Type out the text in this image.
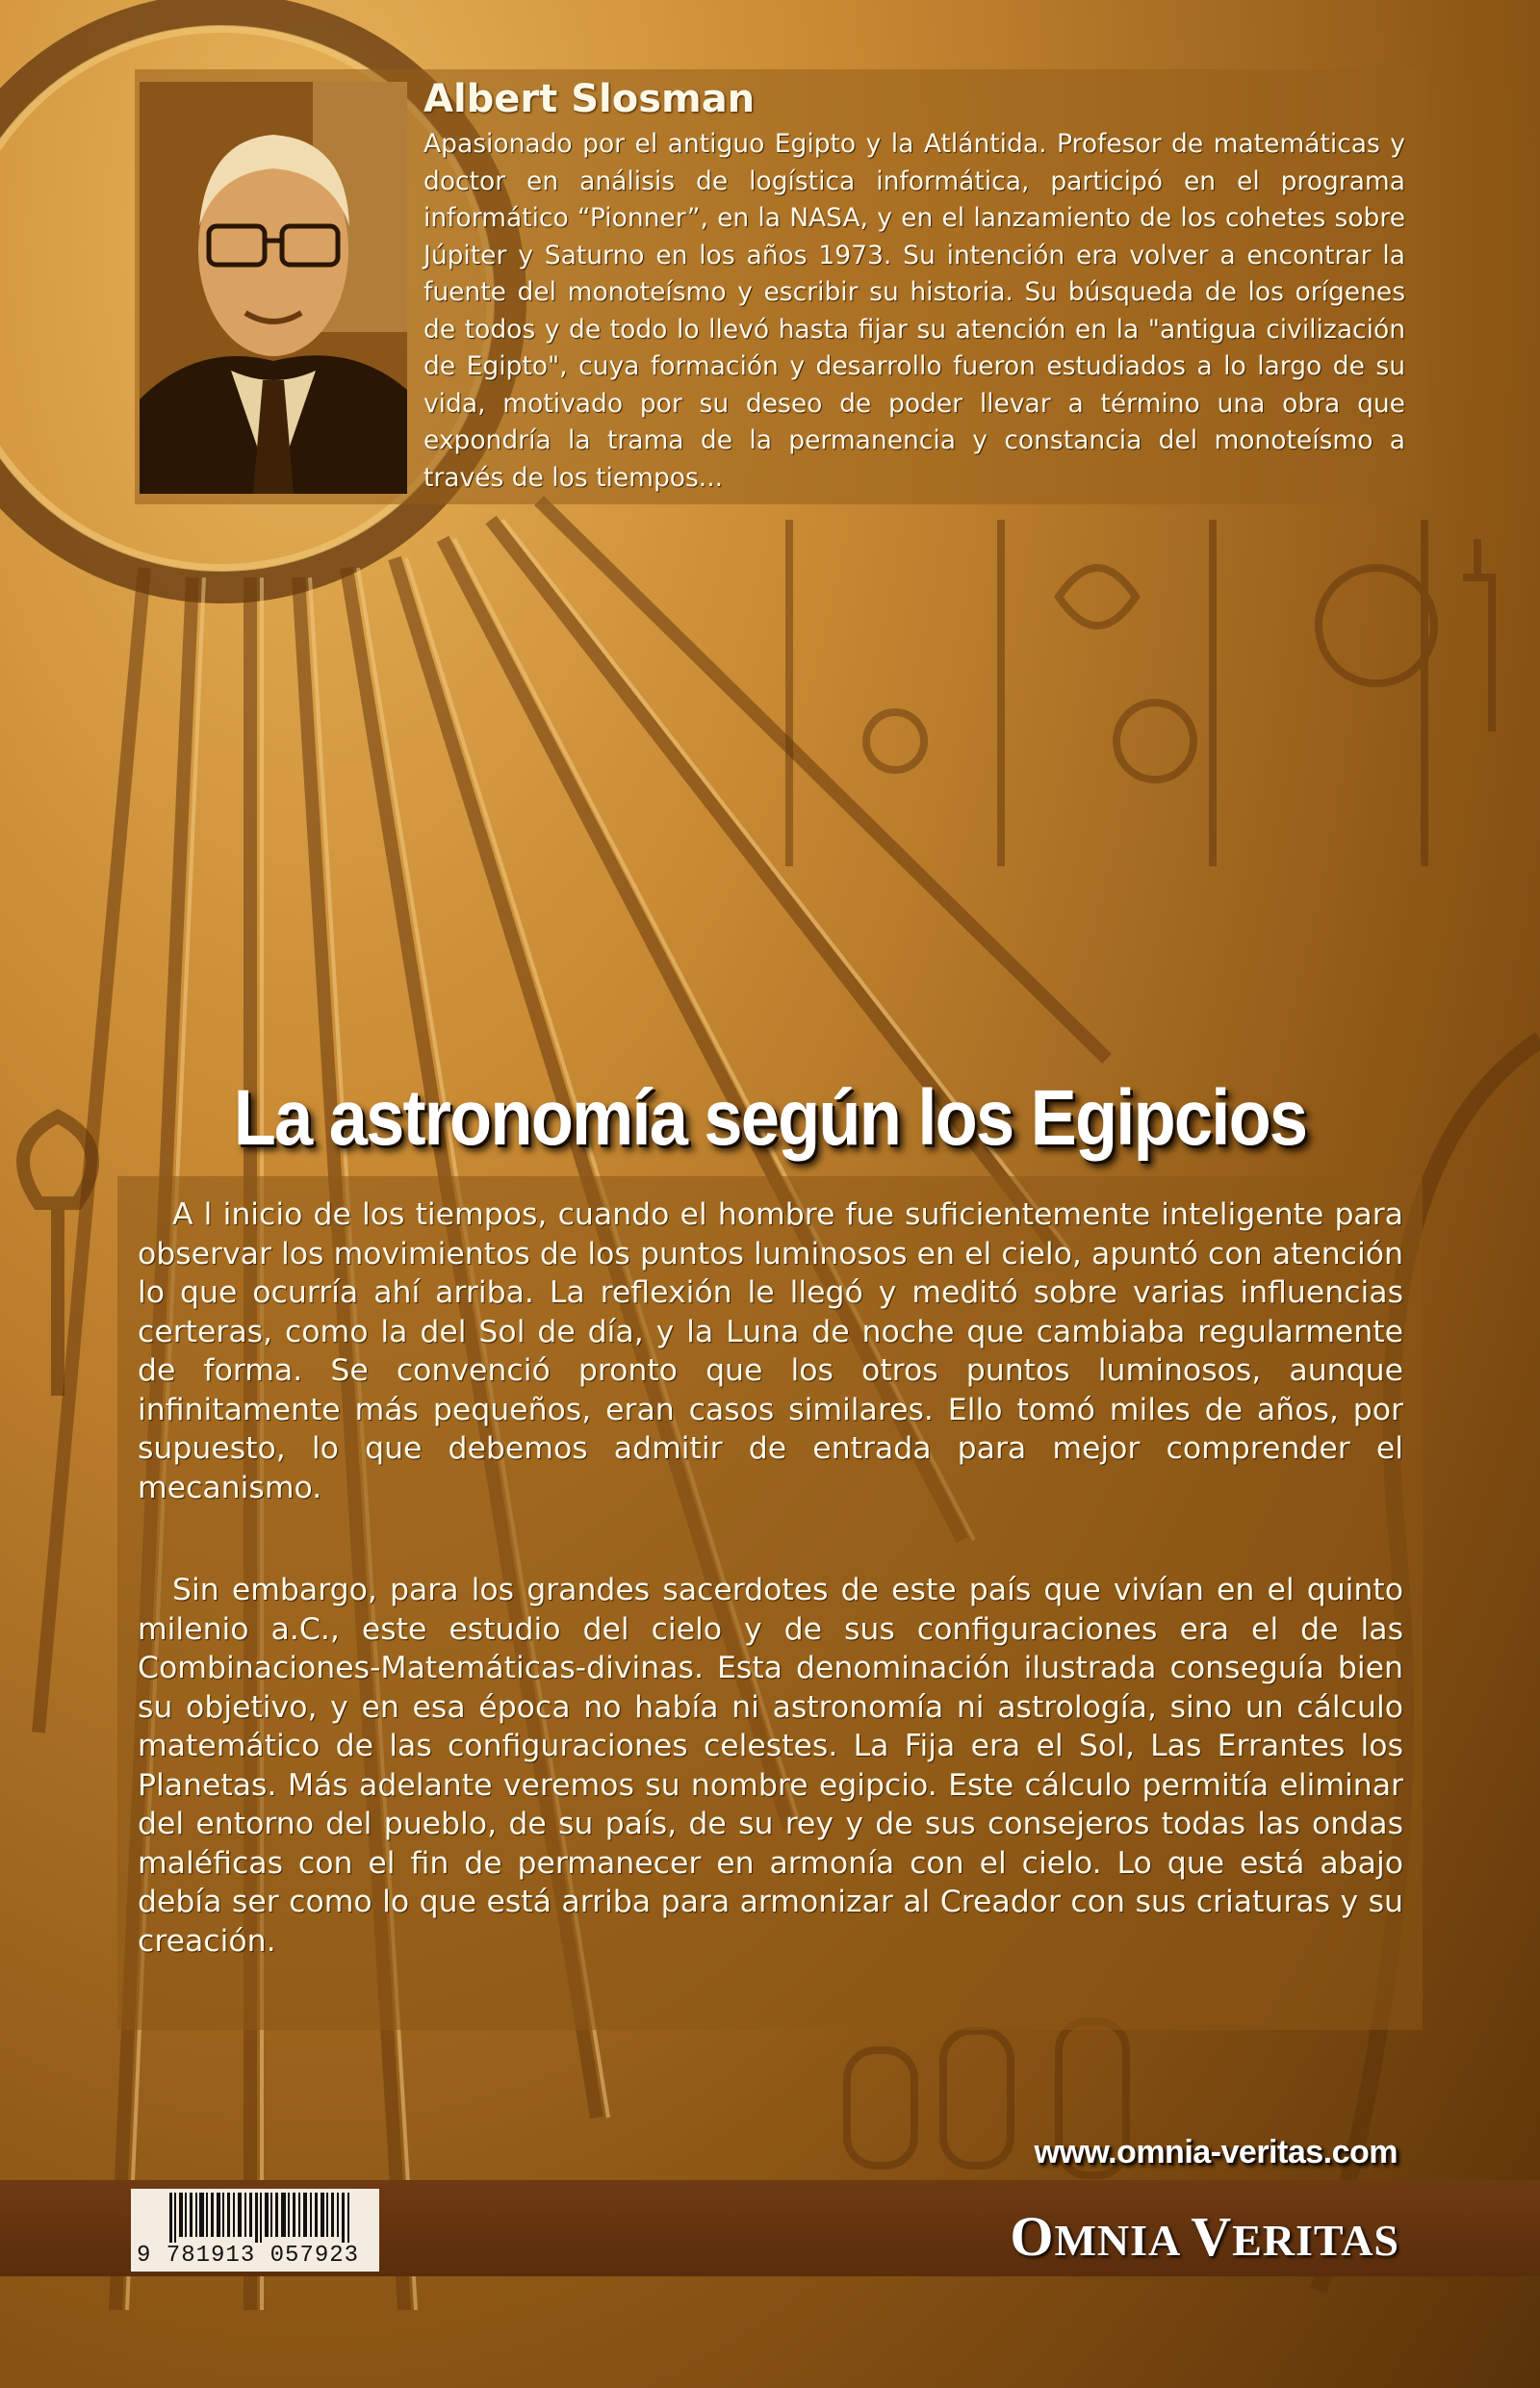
Albert Slosman

Apasionado por el antiguo Egipto y la Atlántida. Profesor de matemáticas y doctor en análisis de logística informática, participó en el programa informático “Pionner”, en la NASA, y en el lanzamiento de los cohetes sobre Júpiter y Saturno en los años 1973. Su intención era volver a encontrar la fuente del monoteísmo y escribir su historia. Su búsqueda de los orígenes de todos y de todo lo llevó hasta fijar su atención en la "antigua civilización de Egipto", cuya formación y desarrollo fueron estudiados a lo largo de su vida, motivado por su deseo de poder llevar a término una obra que expondría la trama de la permanencia y constancia del monoteísmo a través de los tiempos...

La astronomía según los Egipcios

A l inicio de los tiempos, cuando el hombre fue suficientemente inteligente para observar los movimientos de los puntos luminosos en el cielo, apuntó con atención lo que ocurría ahí arriba. La reflexión le llegó y meditó sobre varias influencias certeras, como la del Sol de día, y la Luna de noche que cambiaba regularmente de forma. Se convenció pronto que los otros puntos luminosos, aunque infinitamente más pequeños, eran casos similares. Ello tomó miles de años, por supuesto, lo que debemos admitir de entrada para mejor comprender el mecanismo.

Sin embargo, para los grandes sacerdotes de este país que vivían en el quinto milenio a.C., este estudio del cielo y de sus configuraciones era el de las Combinaciones-Matemáticas-divinas. Esta denominación ilustrada conseguía bien su objetivo, y en esa época no había ni astronomía ni astrología, sino un cálculo matemático de las configuraciones celestes. La Fija era el Sol, Las Errantes los Planetas. Más adelante veremos su nombre egipcio. Este cálculo permitía eliminar del entorno del pueblo, de su país, de su rey y de sus consejeros todas las ondas maléficas con el fin de permanecer en armonía con el cielo. Lo que está abajo debía ser como lo que está arriba para armonizar al Creador con sus criaturas y su creación.

www.omnia-veritas.com

9 781913 057923	OMNIA VERITAS
